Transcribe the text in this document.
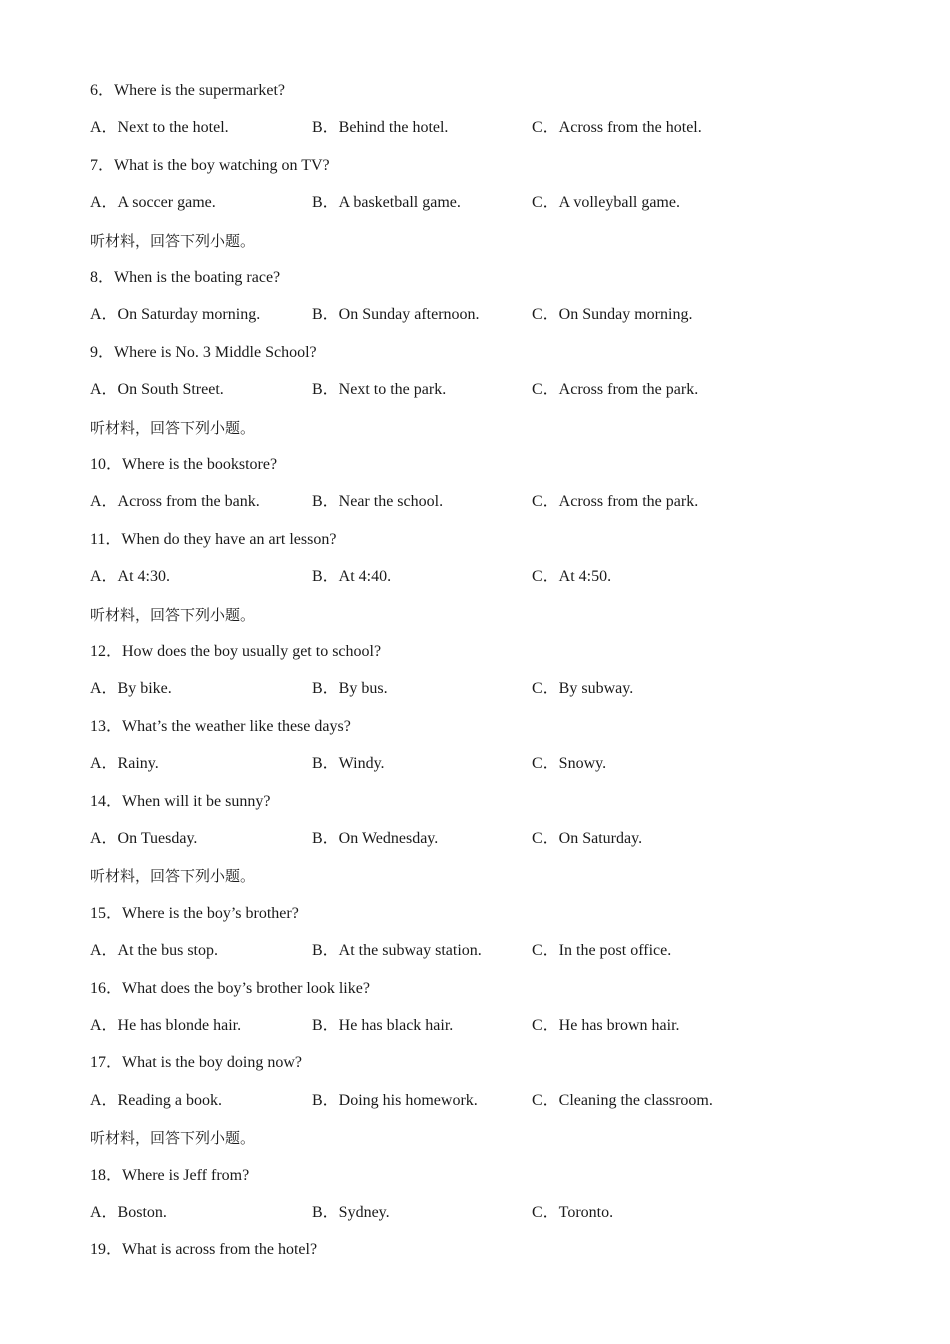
6．Where is the supermarket?
A．Next to the hotel.	B．Behind the hotel.	C．Across from the hotel.
7．What is the boy watching on TV?
A．A soccer game.	B．A basketball game.	C．A volleyball game.
听材料，回答下列小题。
8．When is the boating race?
A．On Saturday morning.	B．On Sunday afternoon.	C．On Sunday morning.
9．Where is No. 3 Middle School?
A．On South Street.	B．Next to the park.	C．Across from the park.
听材料，回答下列小题。
10．Where is the bookstore?
A．Across from the bank.	B．Near the school.	C．Across from the park.
11．When do they have an art lesson?
A．At 4:30.	B．At 4:40.	C．At 4:50.
听材料，回答下列小题。
12．How does the boy usually get to school?
A．By bike.	B．By bus.	C．By subway.
13．What’s the weather like these days?
A．Rainy.	B．Windy.	C．Snowy.
14．When will it be sunny?
A．On Tuesday.	B．On Wednesday.	C．On Saturday.
听材料，回答下列小题。
15．Where is the boy’s brother?
A．At the bus stop.	B．At the subway station.	C．In the post office.
16．What does the boy’s brother look like?
A．He has blonde hair.	B．He has black hair.	C．He has brown hair.
17．What is the boy doing now?
A．Reading a book.	B．Doing his homework.	C．Cleaning the classroom.
听材料，回答下列小题。
18．Where is Jeff from?
A．Boston.	B．Sydney.	C．Toronto.
19．What is across from the hotel?
